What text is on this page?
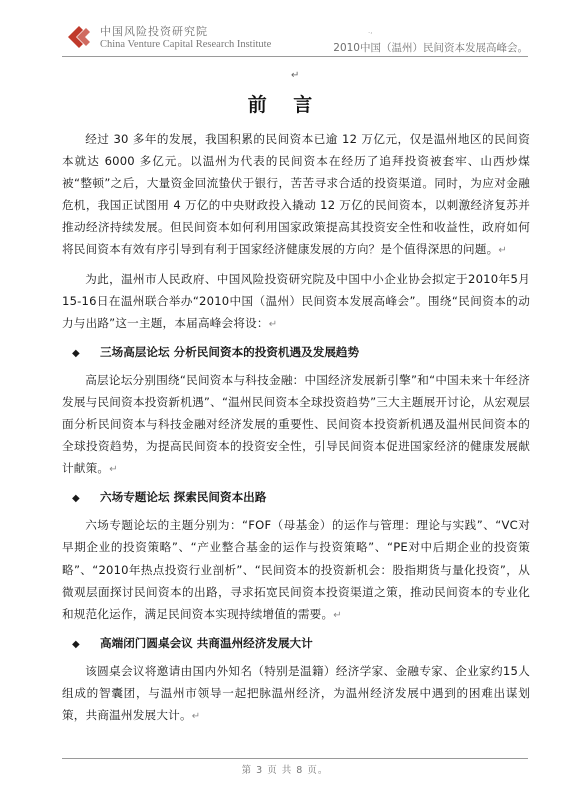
中国风险投资研究院
China Venture Capital Research Institute
.,
2010中国（温州）民间资本发展高峰会。
↵
前 言

经过 30 多年的发展，我国积累的民间资本已逾 12 万亿元，仅是温州地区的民间资本就达 6000 多亿元。以温州为代表的民间资本在经历了追拜投资被套牢、山西炒煤被“整顿”之后，大量资金回流蛰伏于银行，苦苦寻求合适的投资渠道。同时，为应对金融危机，我国正试图用 4 万亿的中央财政投入撬动 12 万亿的民间资本，以刺激经济复苏并推动经济持续发展。但民间资本如何利用国家政策提高其投资安全性和收益性，政府如何将民间资本有效有序引导到有利于国家经济健康发展的方向？是个值得深思的问题。↵

为此，温州市人民政府、中国风险投资研究院及中国中小企业协会拟定于2010年5月15-16日在温州联合举办“2010中国（温州）民间资本发展高峰会”。围绕“民间资本的动力与出路”这一主题，本届高峰会将设：↵

◆ 三场高层论坛 分析民间资本的投资机遇及发展趋势

高层论坛分别围绕“民间资本与科技金融：中国经济发展新引擎”和“中国未来十年经济发展与民间资本投资新机遇”、“温州民间资本全球投资趋势”三大主题展开讨论，从宏观层面分析民间资本与科技金融对经济发展的重要性、民间资本投资新机遇及温州民间资本的全球投资趋势，为提高民间资本的投资安全性，引导民间资本促进国家经济的健康发展献计献策。↵

◆ 六场专题论坛 探索民间资本出路

六场专题论坛的主题分别为：“FOF（母基金）的运作与管理：理论与实践”、“VC对早期企业的投资策略”、“产业整合基金的运作与投资策略”、“PE对中后期企业的投资策略”、“2010年热点投资行业剖析”、“民间资本的投资新机会：股指期货与量化投资”，从微观层面探讨民间资本的出路，寻求拓宽民间资本投资渠道之策，推动民间资本的专业化和规范化运作，满足民间资本实现持续增值的需要。↵

◆ 高端闭门圆桌会议 共商温州经济发展大计

该圆桌会议将邀请由国内外知名（特别是温籍）经济学家、金融专家、企业家约15人组成的智囊团，与温州市领导一起把脉温州经济，为温州经济发展中遇到的困难出谋划策，共商温州发展大计。↵

第 3 页 共 8 页。
